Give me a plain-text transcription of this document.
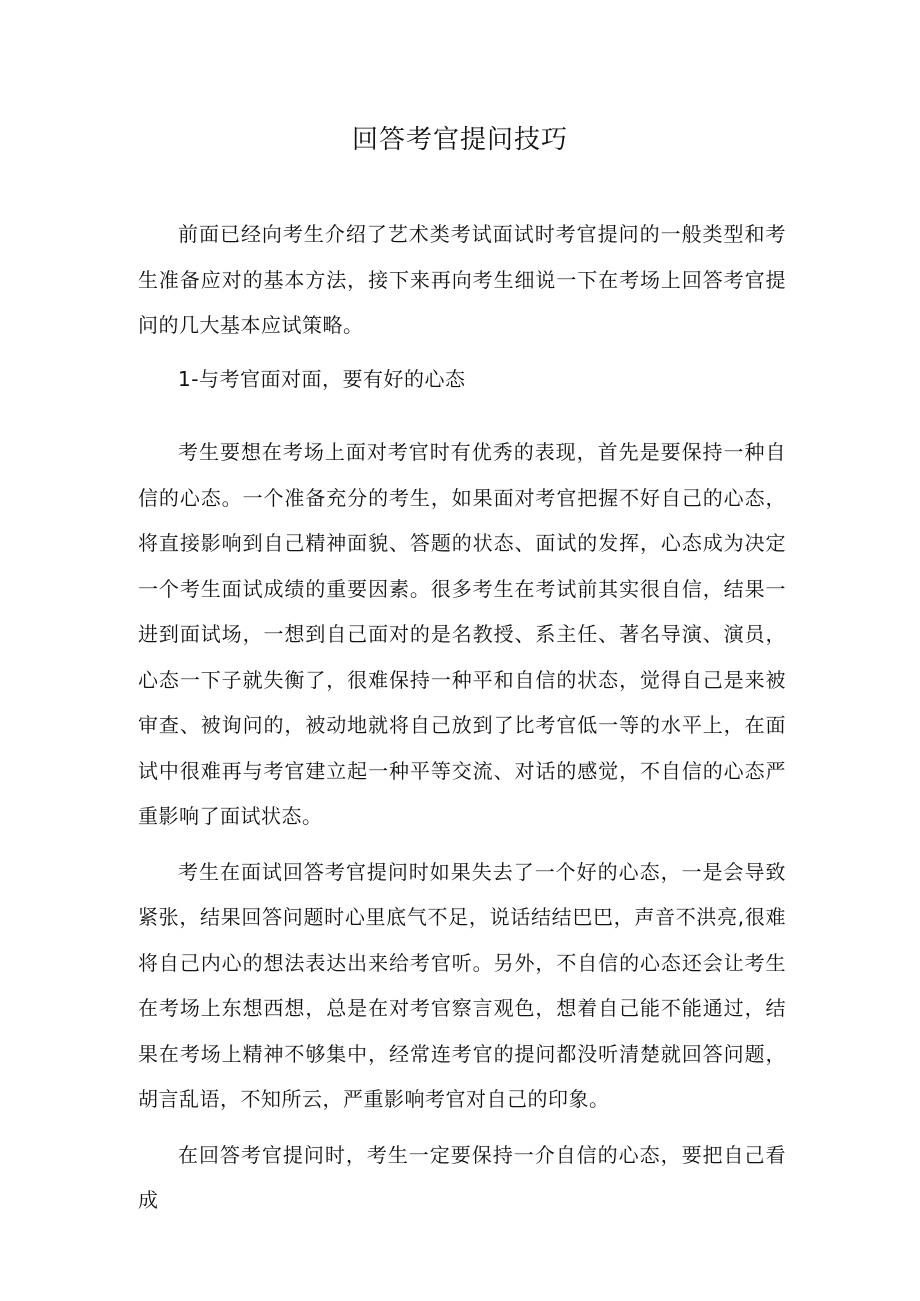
回答考官提问技巧

前面已经向考生介绍了艺术类考试面试时考官提问的一般类型和考生准备应对的基本方法，接下来再向考生细说一下在考场上回答考官提问的几大基本应试策略。

1-与考官面对面，要有好的心态

考生要想在考场上面对考官时有优秀的表现，首先是要保持一种自信的心态。一个准备充分的考生，如果面对考官把握不好自己的心态，将直接影响到自己精神面貌、答题的状态、面试的发挥，心态成为决定一个考生面试成绩的重要因素。很多考生在考试前其实很自信，结果一进到面试场，一想到自己面对的是名教授、系主任、著名导演、演员，心态一下子就失衡了，很难保持一种平和自信的状态，觉得自己是来被审查、被询问的，被动地就将自己放到了比考官低一等的水平上，在面试中很难再与考官建立起一种平等交流、对话的感觉，不自信的心态严重影响了面试状态。

考生在面试回答考官提问时如果失去了一个好的心态，一是会导致紧张，结果回答问题时心里底气不足，说话结结巴巴，声音不洪亮,很难将自己内心的想法表达出来给考官听。另外，不自信的心态还会让考生在考场上东想西想，总是在对考官察言观色，想着自己能不能通过，结果在考场上精神不够集中，经常连考官的提问都没听清楚就回答问题，胡言乱语，不知所云，严重影响考官对自己的印象。

在回答考官提问时，考生一定要保持一介自信的心态，要把自己看成
